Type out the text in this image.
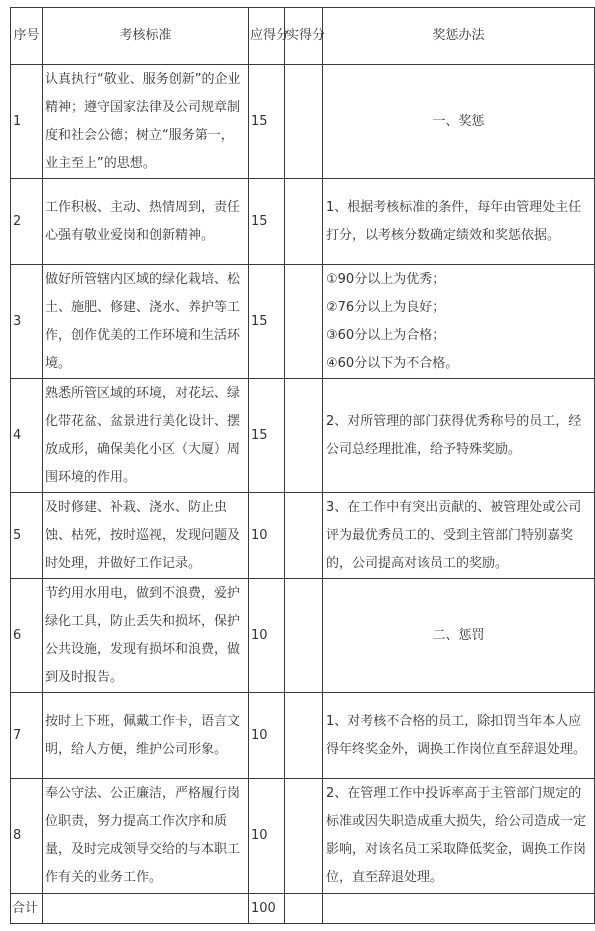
序号	考核标准	应得分	实得分	奖惩办法
1	认真执行“敬业、服务创新”的企业精神；遵守国家法律及公司规章制度和社会公德；树立“服务第一，业主至上”的思想。	15		一、奖惩
2	工作积极、主动、热情周到，责任心强有敬业爱岗和创新精神。	15		1、根据考核标准的条件，每年由管理处主任打分，以考核分数确定绩效和奖惩依据。
3	做好所管辖内区域的绿化栽培、松土、施肥、修建、浇水、养护等工作，创作优美的工作环境和生活环境。	15		①90分以上为优秀；
②76分以上为良好；
③60分以上为合格；
④60分以下为不合格。

4	熟悉所管区域的环境，对花坛、绿化带花盆、盆景进行美化设计、摆放成形，确保美化小区（大厦）周围环境的作用。	15		2、对所管理的部门获得优秀称号的员工，经公司总经理批准，给予特殊奖励。
5	及时修建、补栽、浇水、防止虫蚀、枯死，按时巡视，发现问题及时处理，并做好工作记录。	10		3、在工作中有突出贡献的、被管理处或公司评为最优秀员工的、受到主管部门特别嘉奖的，公司提高对该员工的奖励。
6	节约用水用电，做到不浪费，爱护绿化工具，防止丢失和损坏，保护公共设施，发现有损坏和浪费，做到及时报告。	10		二、惩罚
7	按时上下班，佩戴工作卡，语言文明，给人方便，维护公司形象。	10		1、对考核不合格的员工，除扣罚当年本人应得年终奖金外，调换工作岗位直至辞退处理。
8	奉公守法、公正廉洁，严格履行岗位职责，努力提高工作次序和质量，及时完成领导交给的与本职工作有关的业务工作。	10		2、在管理工作中投诉率高于主管部门规定的标准或因失职造成重大损失，给公司造成一定影响，对该名员工采取降低奖金，调换工作岗位，直至辞退处理。
合计		100		
